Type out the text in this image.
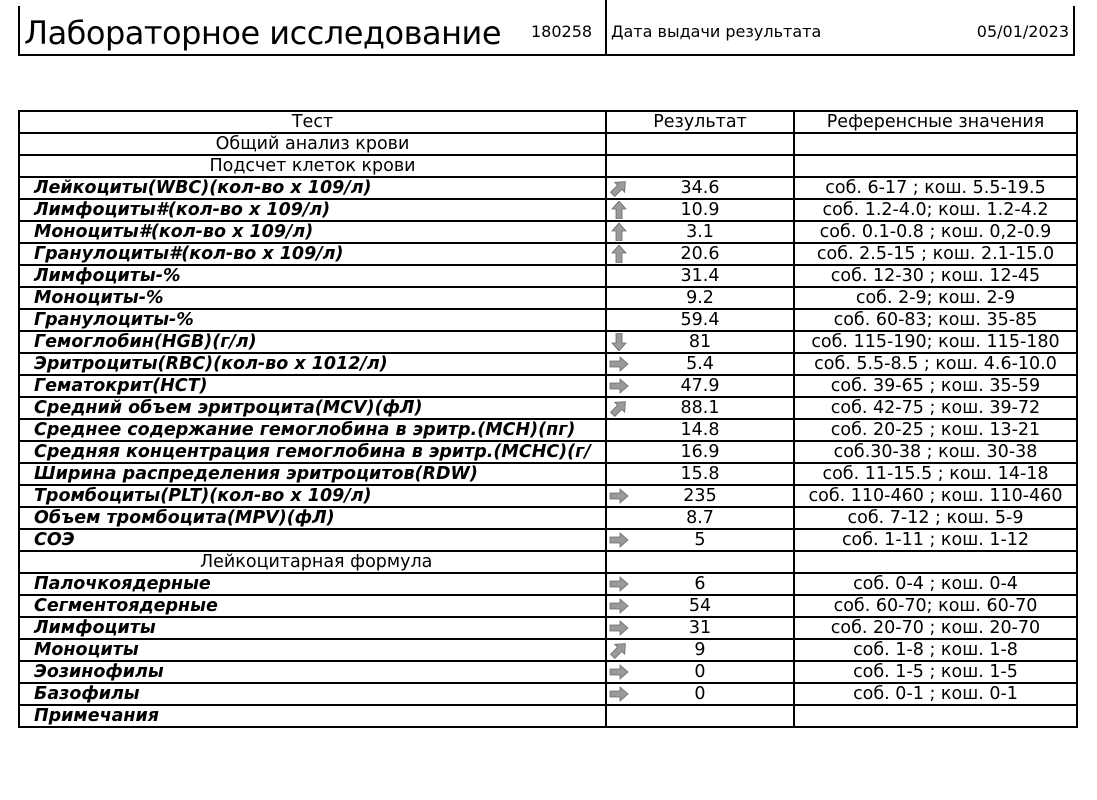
Лабораторное исследование 180258 Дата выдачи результата	05/01/2023
Тест	Результат	Референсные значения

Общий анализ крови		

Подсчет клеток крови		

Лейкоциты(WBC)(кол-во х 109/л)	34.6	соб. 6-17 ; кош. 5.5-19.5
Лимфоциты#(кол-во х 109/л)	10.9	соб. 1.2-4.0; кош. 1.2-4.2
Моноциты#(кол-во х 109/л)	3.1	соб. 0.1-0.8 ; кош. 0,2-0.9
Гранулоциты#(кол-во х 109/л)	20.6	соб. 2.5-15 ; кош. 2.1-15.0
Лимфоциты-%	31.4	соб. 12-30 ; кош. 12-45
Моноциты-%	9.2	соб. 2-9; кош. 2-9
Гранулоциты-%	59.4	соб. 60-83; кош. 35-85
Гемоглобин(HGB)(г/л)	81	соб. 115-190; кош. 115-180
Эритроциты(RBC)(кол-во х 1012/л)	5.4	соб. 5.5-8.5 ; кош. 4.6-10.0
Гематокрит(HCT)	47.9	соб. 39-65 ; кош. 35-59
Средний объем эритроцита(MCV)(фЛ)	88.1	соб. 42-75 ; кош. 39-72
Среднее содержание гемоглобина в эритр.(MCH)(пг)	14.8	соб. 20-25 ; кош. 13-21
Средняя концентрация гемоглобина в эритр.(MCHC)(г/	16.9	соб.30-38 ; кош. 30-38
Ширина распределения эритроцитов(RDW)	15.8	соб. 11-15.5 ; кош. 14-18
Тромбоциты(PLT)(кол-во х 109/л)	235	соб. 110-460 ; кош. 110-460
Объем тромбоцита(MPV)(фЛ)	8.7	соб. 7-12 ; кош. 5-9
СОЭ	5	соб. 1-11 ; кош. 1-12

Лейкоцитарная формула		

Палочкоядерные	6	соб. 0-4 ; кош. 0-4
Сегментоядерные	54	соб. 60-70; кош. 60-70
Лимфоциты	31	соб. 20-70 ; кош. 20-70
Моноциты	9	соб. 1-8 ; кош. 1-8
Эозинофилы	0	соб. 1-5 ; кош. 1-5
Базофилы	0	соб. 0-1 ; кош. 0-1
Примечания		
